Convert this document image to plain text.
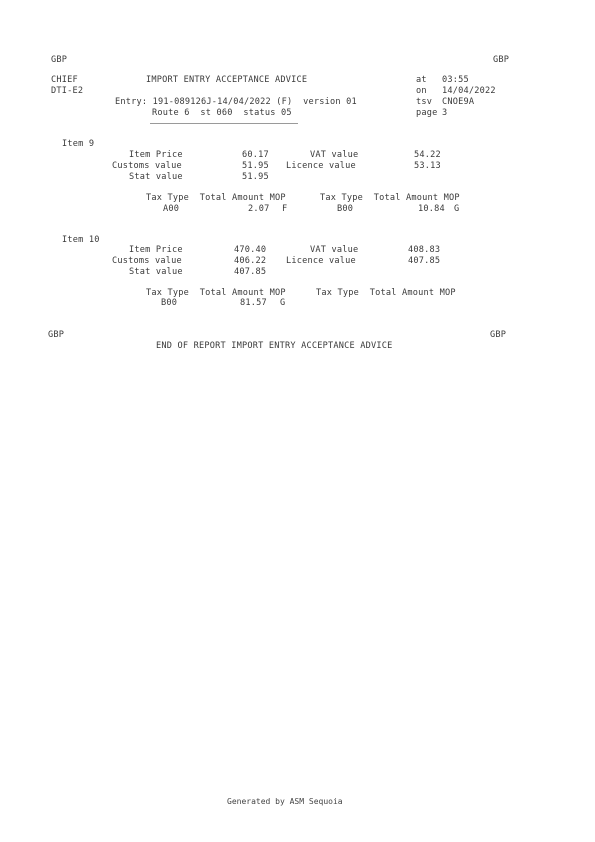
GBP	GBP
CHIEF	IMPORT ENTRY ACCEPTANCE ADVICE	at 03:55
DTI-E2	on 14/04/2022
Entry: 191-089126J-14/04/2022 (F)  version 01	tsv CNOE9A
Route 6  st 060  status 05	page 3
Item 9
Item Price	60.17	VAT value	54.22
Customs value	51.95 Licence value	53.13
Stat value	51.95
Tax Type  Total Amount MOP	Tax Type  Total Amount MOP
A00	2.07 F	B00	10.84 G
Item 10
Item Price	470.40	VAT value	408.83
Customs value	406.22 Licence value	407.85
Stat value	407.85
Tax Type  Total Amount MOP	Tax Type  Total Amount MOP
B00	81.57 G
GBP	GBP
END OF REPORT IMPORT ENTRY ACCEPTANCE ADVICE
Generated by ASM Sequoia
